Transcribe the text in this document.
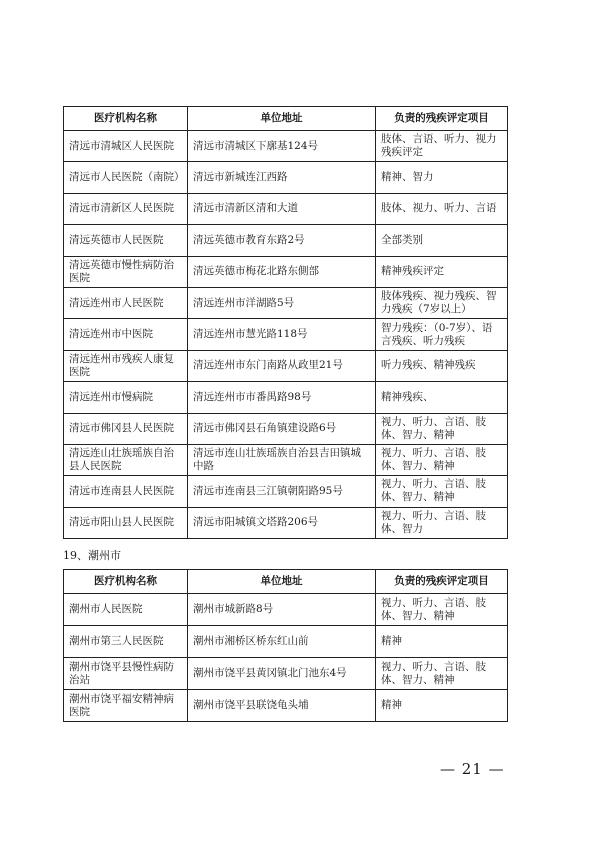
医疗机构名称	单位地址	负责的残疾评定项目
清远市清城区人民医院	清远市清城区下廓基124号	肢体、言语、听力、视力残疾评定
清远市人民医院（南院）	清远市新城连江西路	精神、智力
清远市清新区人民医院	清远市清新区清和大道	肢体、视力、听力、言语
清远英德市人民医院	清远英德市教育东路2号	全部类别
清远英德市慢性病防治医院	清远英德市梅花北路东側部	精神残疾评定
清远连州市人民医院	清远连州市洋湖路5号	肢体残疾、视力残疾、智力残疾（7岁以上）
清远连州市中医院	清远连州市慧光路118号	智力残疾：（0-7岁）、语言残疾、听力残疾
清远连州市残疾人康复医院	清远连州市东门南路从政里21号	听力残疾、精神残疾
清远连州市慢病院	清远连州市市番禺路98号	精神残疾、
清远市佛冈县人民医院	清远市佛冈县石角镇建设路6号	视力、听力、言语、肢体、智力、精神
清远连山壮族瑶族自治县人民医院	清远市连山壮族瑶族自治县吉田镇城中路	视力、听力、言语、肢体、智力、精神
清远市连南县人民医院	清远市连南县三江镇朝阳路95号	视力、听力、言语、肢体、智力、精神
清远市阳山县人民医院	清远市阳城镇文塔路206号	视力、听力、言语、肢体、智力
19、潮州市
医疗机构名称	单位地址	负责的残疾评定项目
潮州市人民医院	潮州市城新路8号	视力、听力、言语、肢体、智力、精神
潮州市第三人民医院	潮州市湘桥区桥东红山前	精神
潮州市饶平县慢性病防治站	潮州市饶平县黄冈镇北门池东4号	视力、听力、言语、肢体、智力、精神
潮州市饶平福安精神病医院	潮州市饶平县联饶龟头埔	精神
— 21 —
